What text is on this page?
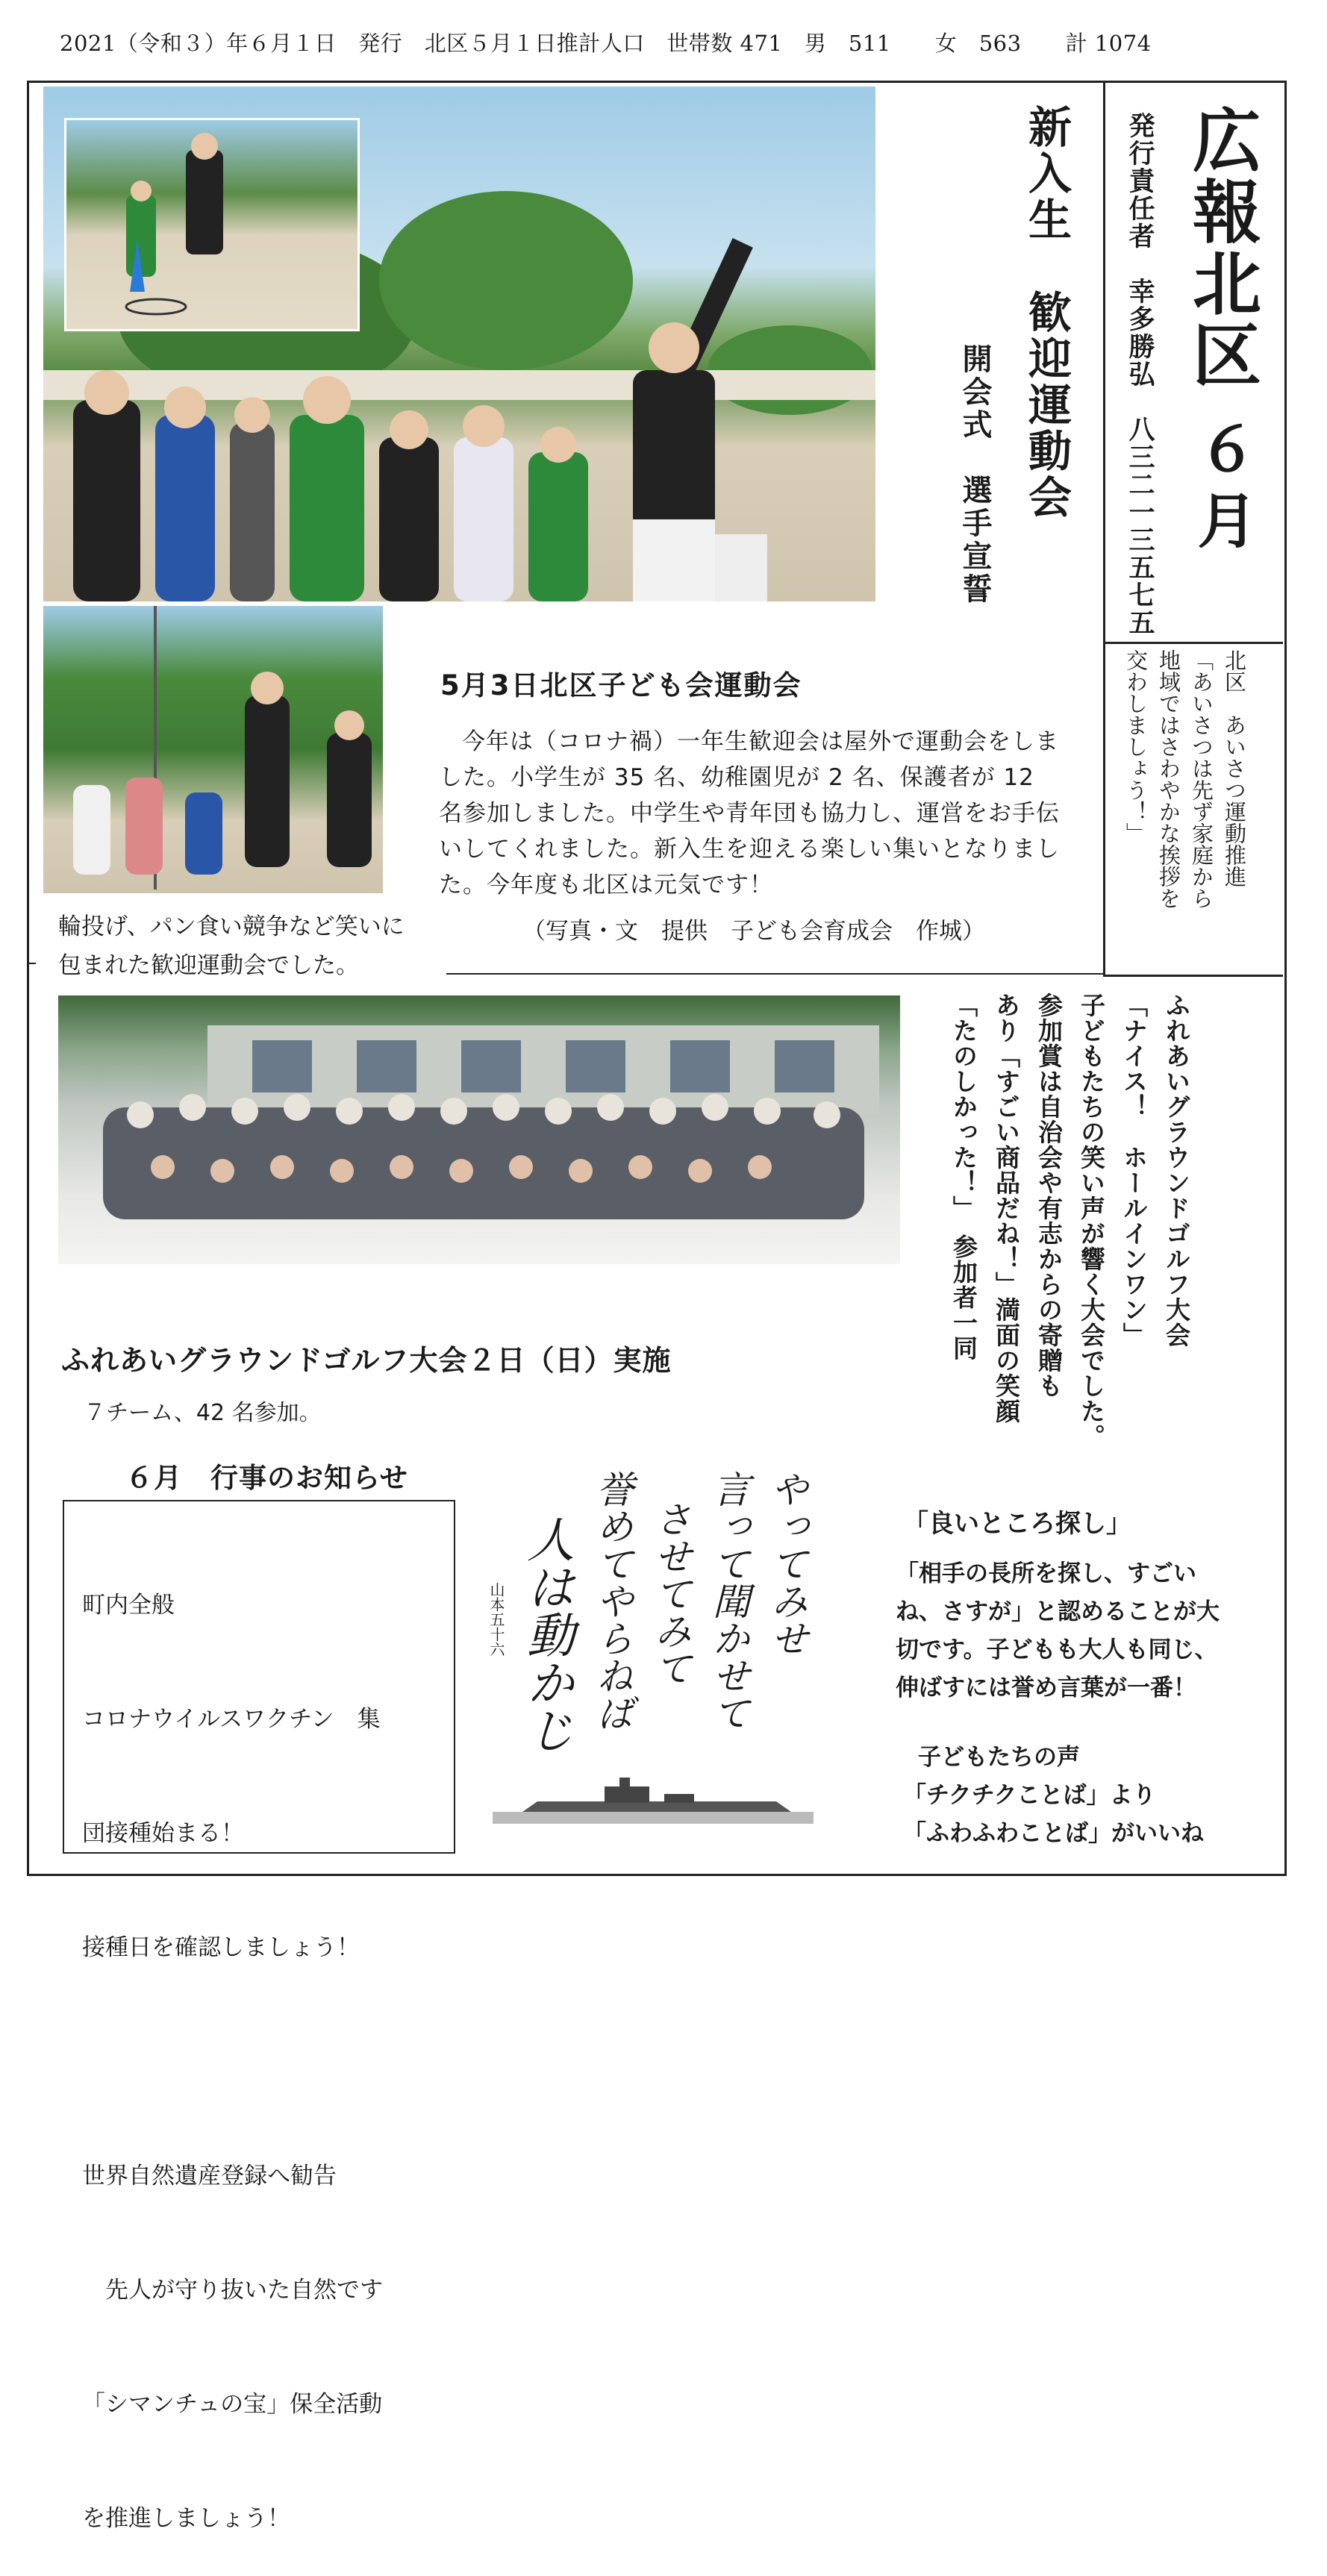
2021（令和３）年６月１日　発行　北区５月１日推計人口　世帯数 471　男　511　　女　563　　計 1074
広報北区
６月
発行責任者　幸多勝弘　八三二一三五七五
北区　あいさつ運動推進
「あいさつは先ず家庭から
地域ではさわやかな挨拶を
交わしましょう！」
新入生　歓迎運動会
開会式　選手宣誓
5月3日北区子ども会運動会
今年は（コロナ禍）一年生歓迎会は屋外で運動会をしました。小学生が 35 名、幼稚園児が 2 名、保護者が 12 名参加しました。中学生や青年団も協力し、運営をお手伝いしてくれました。新入生を迎える楽しい集いとなりました。今年度も北区は元気です！
（写真・文　提供　子ども会育成会　作城）
輪投げ、パン食い競争など笑いに
包まれた歓迎運動会でした。
ふれあいグラウンドゴルフ大会
「ナイス！　ホールインワン」
子どもたちの笑い声が響く大会でした。
参加賞は自治会や有志からの寄贈も
あり「すごい商品だね！」満面の笑顔
「たのしかった！」　参加者一同
ふれあいグラウンドゴルフ大会２日（日）実施
７チーム、42 名参加。
６月　行事のお知らせ

町内全般

コロナウイルスワクチン　集

団接種始まる！

接種日を確認しましょう！

世界自然遺産登録へ勧告

　先人が守り抜いた自然です

「シマンチュの宝」保全活動

を推進しましょう！

やってみせ
言って聞かせて
させてみて
誉めてやらねば
人は動かじ
山本五十六
「良いところ探し」
「相手の長所を探し、すごい
ね、さすが」と認めることが大
切です。子どもも大人も同じ、
伸ばすには誉め言葉が一番！
子どもたちの声
「チクチクことば」より
「ふわふわことば」がいいね
